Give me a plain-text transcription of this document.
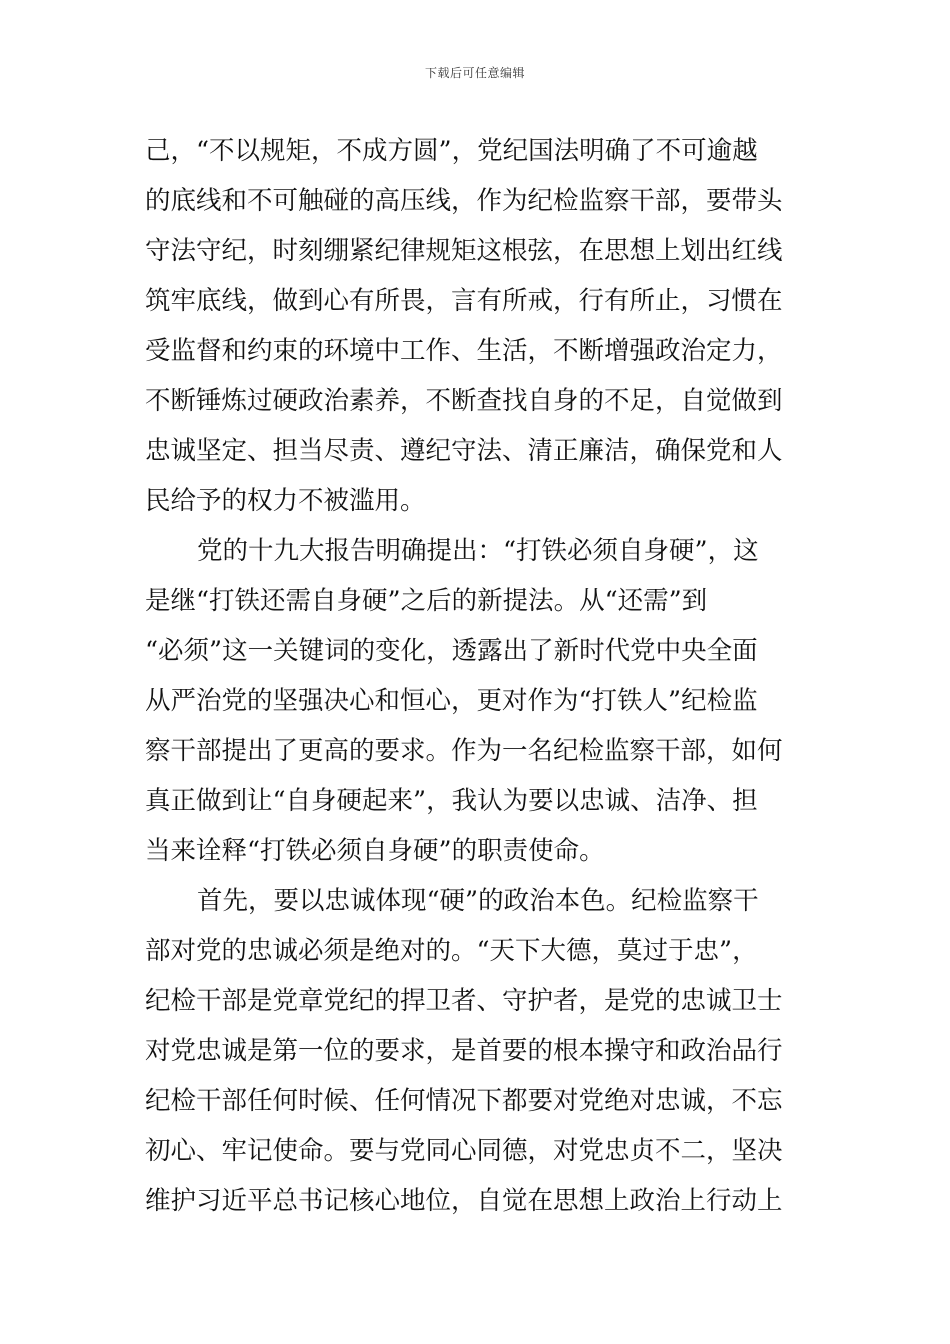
下载后可任意编辑
己，“不以规矩，不成方圆”，党纪国法明确了不可逾越
的底线和不可触碰的高压线，作为纪检监察干部，要带头
守法守纪，时刻绷紧纪律规矩这根弦，在思想上划出红线
筑牢底线，做到心有所畏，言有所戒，行有所止，习惯在
受监督和约束的环境中工作、生活，不断增强政治定力，
不断锤炼过硬政治素养，不断查找自身的不足，自觉做到
忠诚坚定、担当尽责、遵纪守法、清正廉洁，确保党和人
民给予的权力不被滥用。
党的十九大报告明确提出：“打铁必须自身硬”，这
是继“打铁还需自身硬”之后的新提法。从“还需”到
“必须”这一关键词的变化，透露出了新时代党中央全面
从严治党的坚强决心和恒心，更对作为“打铁人”纪检监
察干部提出了更高的要求。作为一名纪检监察干部，如何
真正做到让“自身硬起来”，我认为要以忠诚、洁净、担
当来诠释“打铁必须自身硬”的职责使命。
首先，要以忠诚体现“硬”的政治本色。纪检监察干
部对党的忠诚必须是绝对的。“天下大德，莫过于忠”，
纪检干部是党章党纪的捍卫者、守护者，是党的忠诚卫士
对党忠诚是第一位的要求，是首要的根本操守和政治品行
纪检干部任何时候、任何情况下都要对党绝对忠诚，不忘
初心、牢记使命。要与党同心同德，对党忠贞不二，坚决
维护习近平总书记核心地位，自觉在思想上政治上行动上
